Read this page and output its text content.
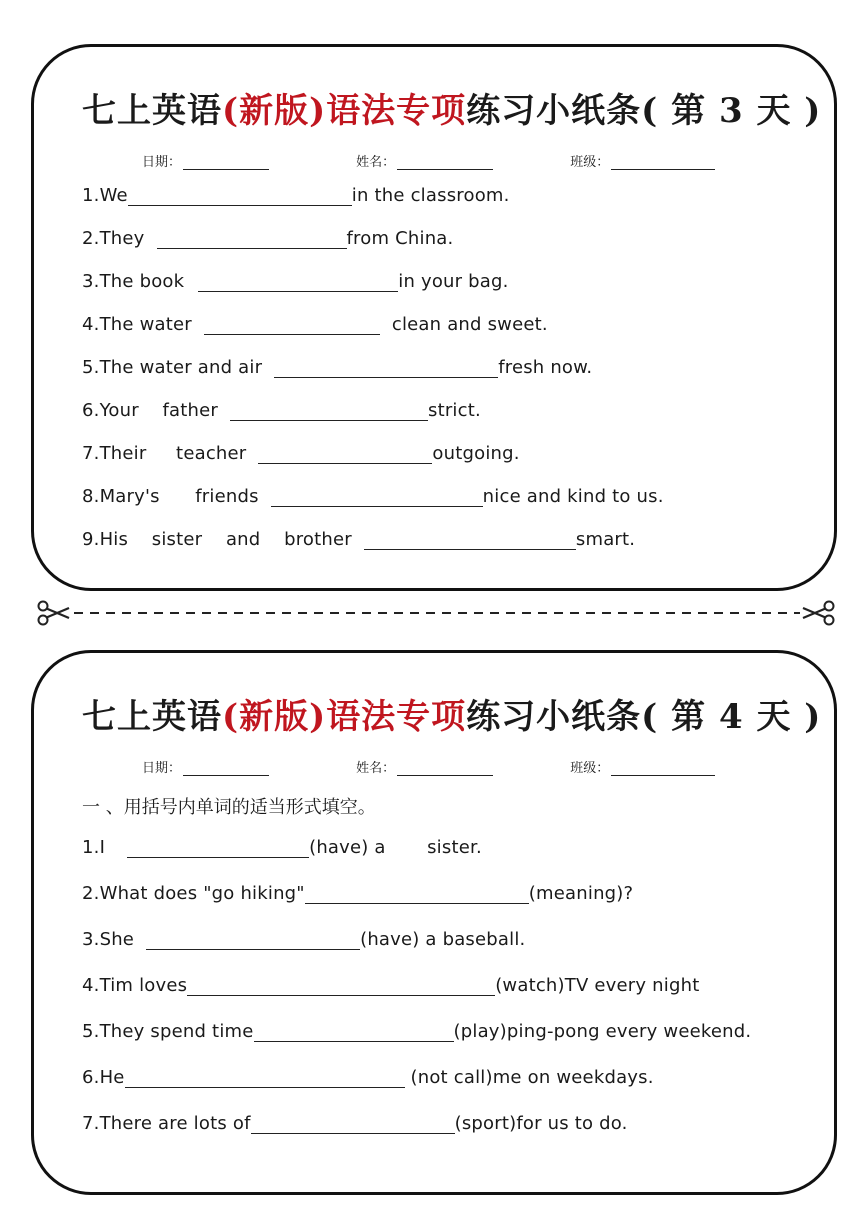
七上英语(新版)语法专项练习小纸条( 第 3 天 )
日期：	姓名：	班级：
1.We	in the classroom.
2.They	from China.
3.The book	in your bag.
4.The water	clean and sweet.
5.The water and air	fresh now.
6.Your    father	strict.
7.Their     teacher	outgoing.
8.Mary's      friends	nice and kind to us.
9.His    sister    and    brother	smart.
七上英语(新版)语法专项练习小纸条( 第 4 天 )
日期：	姓名：	班级：
一 、用括号内单词的适当形式填空。
1.I	(have) a       sister.
2.What does "go hiking"	(meaning)?
3.She	(have) a baseball.
4.Tim loves	(watch)TV every night
5.They spend time	(play)ping-pong every weekend.
6.He	(not call)me on weekdays.
7.There are lots of	(sport)for us to do.
